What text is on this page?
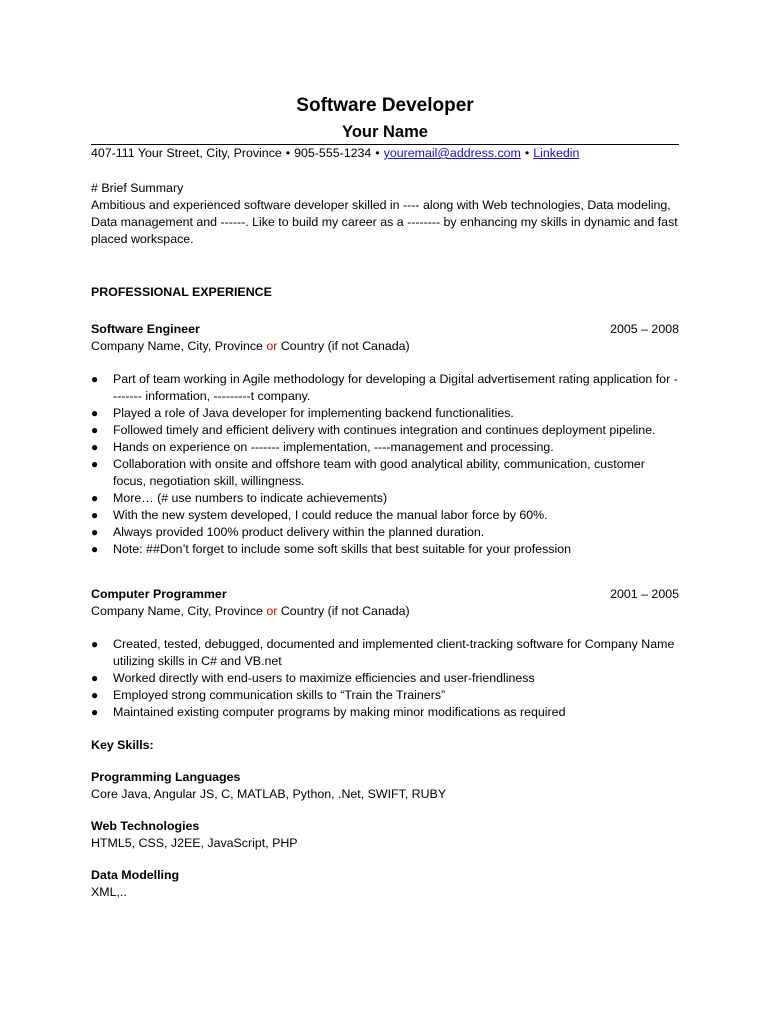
Software Developer
Your Name
407-111 Your Street, City, Province • 905-555-1234 • youremail@address.com • Linkedin
# Brief Summary

Ambitious and experienced software developer skilled in ---- along with Web technologies, Data modeling, Data management and ------. Like to build my career as a -------- by enhancing my skills in dynamic and fast placed workspace.

PROFESSIONAL EXPERIENCE
Software Engineer	2005 – 2008
Company Name, City, Province or Country (if not Canada)
● Part of team working in Agile methodology for developing a Digital advertisement rating application for -------- information, ---------t company.
● Played a role of Java developer for implementing backend functionalities.
● Followed timely and efficient delivery with continues integration and continues deployment pipeline.
● Hands on experience on ------- implementation, ----management and processing.
● Collaboration with onsite and offshore team with good analytical ability, communication, customer focus, negotiation skill, willingness.
● More… (# use numbers to indicate achievements)
● With the new system developed, I could reduce the manual labor force by 60%.
● Always provided 100% product delivery within the planned duration.
● Note: ##Don’t forget to include some soft skills that best suitable for your profession
Computer Programmer	2001 – 2005
Company Name, City, Province or Country (if not Canada)
● Created, tested, debugged, documented and implemented client-tracking software for Company Name utilizing skills in C# and VB.net
● Worked directly with end-users to maximize efficiencies and user-friendliness
● Employed strong communication skills to “Train the Trainers”
● Maintained existing computer programs by making minor modifications as required
Key Skills:
Programming Languages
Core Java, Angular JS, C, MATLAB, Python, .Net, SWIFT, RUBY
Web Technologies
HTML5, CSS, J2EE, JavaScript, PHP
Data Modelling
XML,..
